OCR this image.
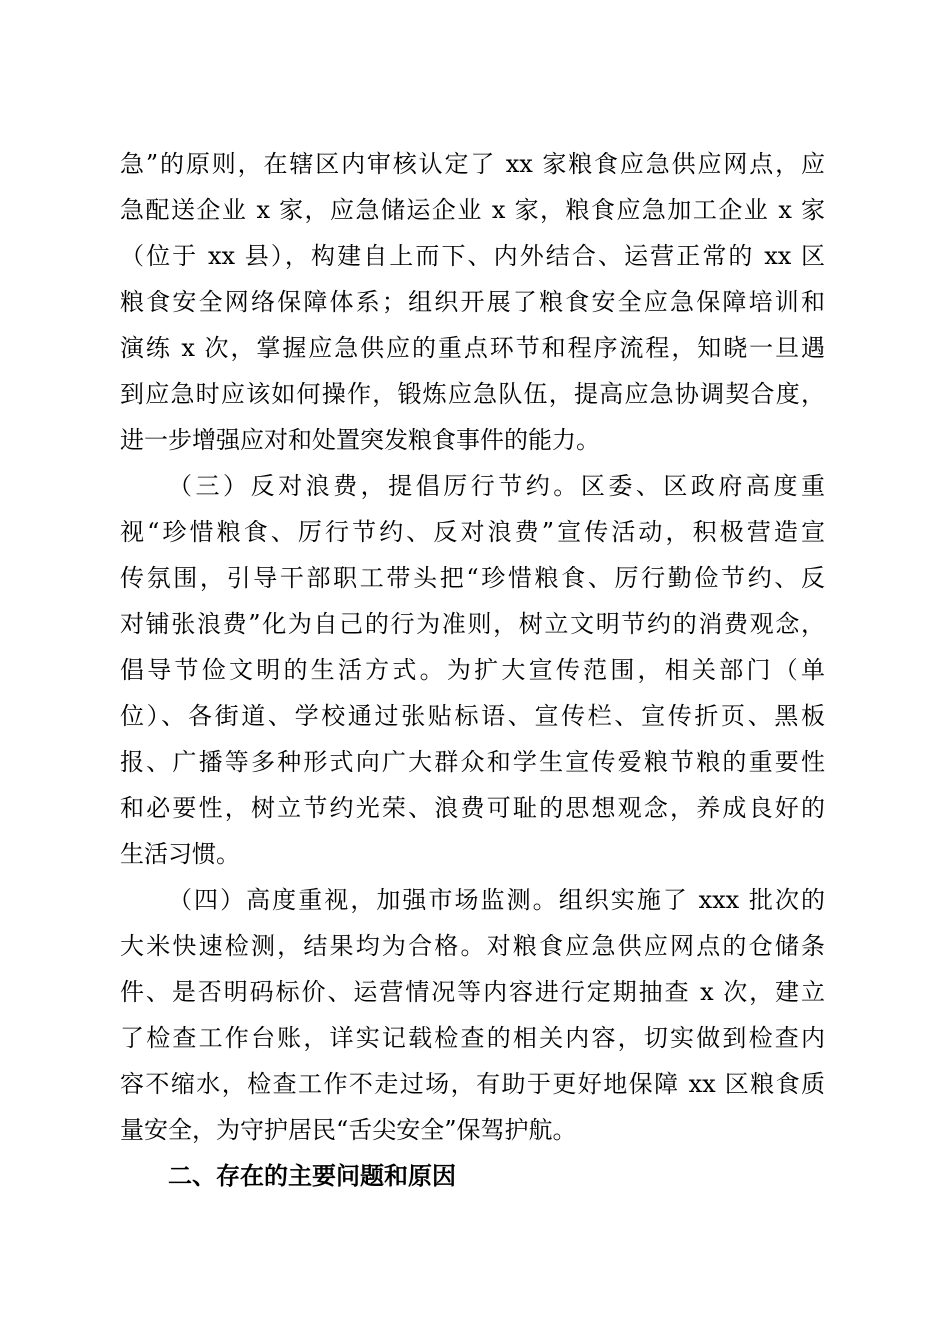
急”的原则，在辖区内审核认定了 xx 家粮食应急供应网点，应
急配送企业 x 家，应急储运企业 x 家，粮食应急加工企业 x 家
（位于 xx 县），构建自上而下、内外结合、运营正常的 xx 区
粮食安全网络保障体系；组织开展了粮食安全应急保障培训和
演练 x 次，掌握应急供应的重点环节和程序流程，知晓一旦遇
到应急时应该如何操作，锻炼应急队伍，提高应急协调契合度，
进一步增强应对和处置突发粮食事件的能力。
（三）反对浪费，提倡厉行节约。区委、区政府高度重
视“珍惜粮食、厉行节约、反对浪费”宣传活动，积极营造宣
传氛围，引导干部职工带头把“珍惜粮食、厉行勤俭节约、反
对铺张浪费”化为自己的行为准则，树立文明节约的消费观念，
倡导节俭文明的生活方式。为扩大宣传范围，相关部门（单
位）、各街道、学校通过张贴标语、宣传栏、宣传折页、黑板
报、广播等多种形式向广大群众和学生宣传爱粮节粮的重要性
和必要性，树立节约光荣、浪费可耻的思想观念，养成良好的
生活习惯。
（四）高度重视，加强市场监测。组织实施了 xxx 批次的
大米快速检测，结果均为合格。对粮食应急供应网点的仓储条
件、是否明码标价、运营情况等内容进行定期抽查 x 次，建立
了检查工作台账，详实记载检查的相关内容，切实做到检查内
容不缩水，检查工作不走过场，有助于更好地保障 xx 区粮食质
量安全，为守护居民“舌尖安全”保驾护航。
二、存在的主要问题和原因
